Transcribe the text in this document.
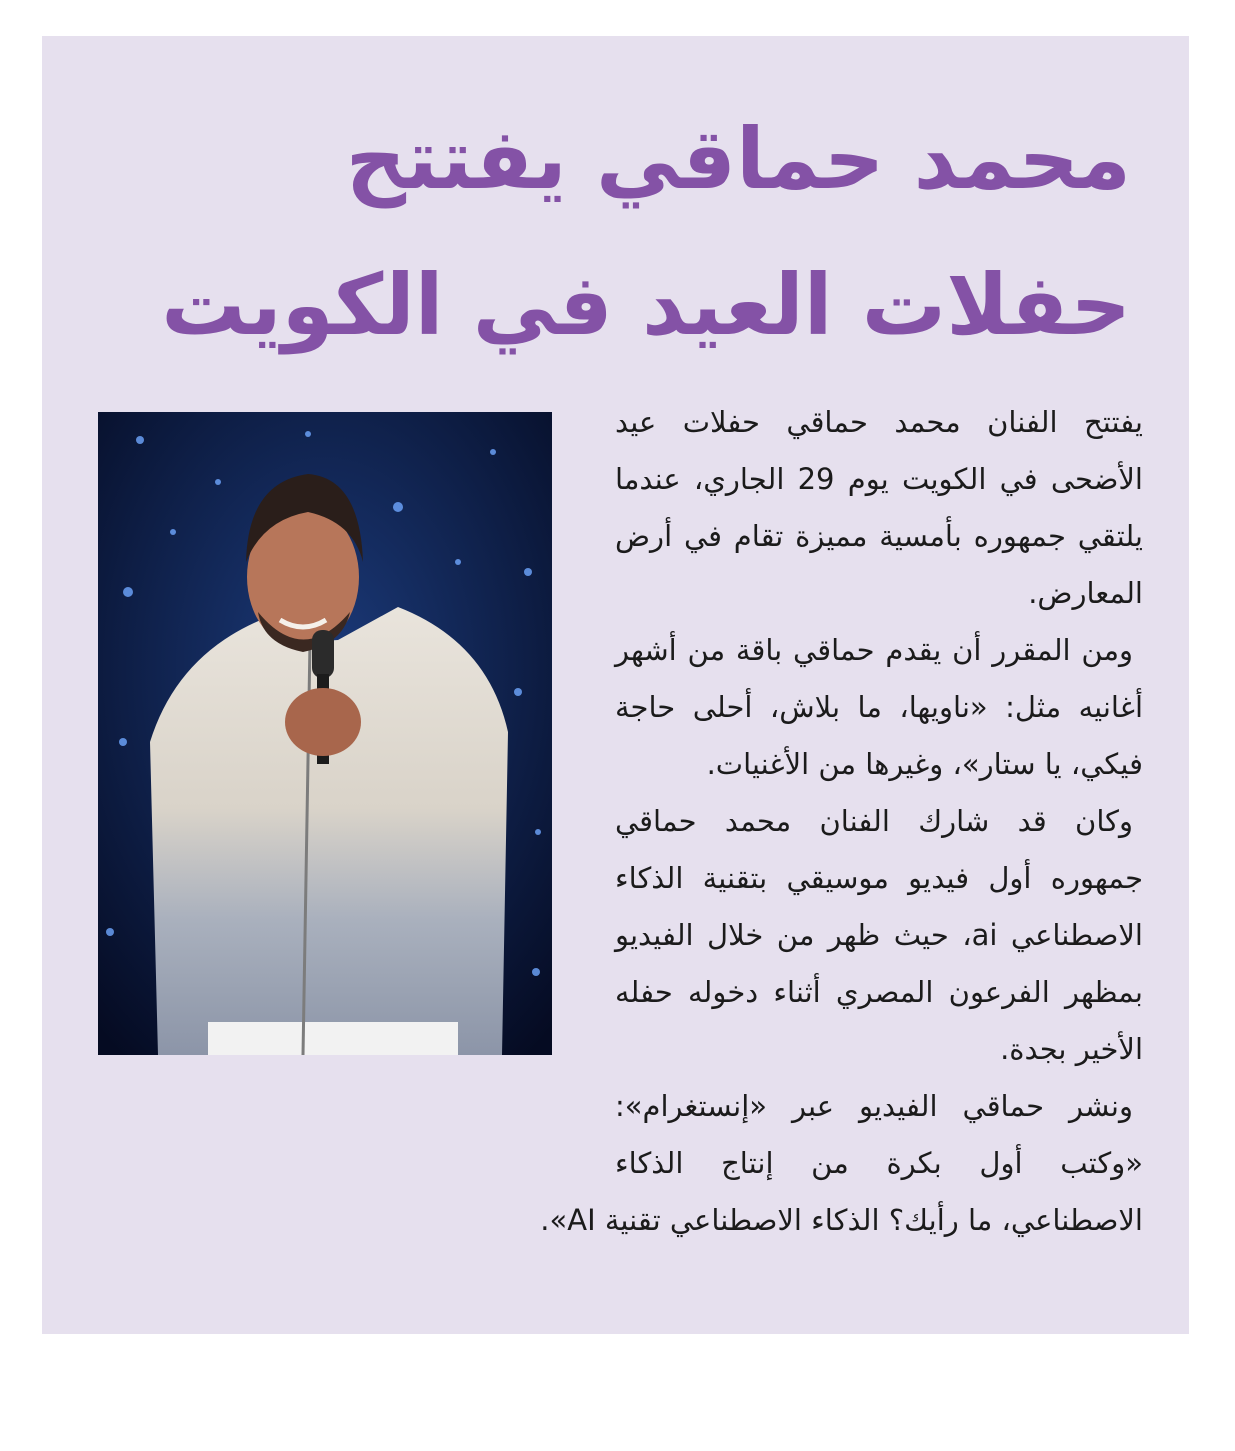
محمد حماقي يفتتح
حفلات العيد في الكويت

يفتتح الفنان محمد حماقي حفلات عيد الأضحى في الكويت يوم 29 الجاري، عندما يلتقي جمهوره بأمسية مميزة تقام في أرض المعارض.

ومن المقرر أن يقدم حماقي باقة من أشهر أغانيه مثل: «ناويها، ما بلاش، أحلى حاجة فيكي، يا ستار»، وغيرها من الأغنيات.

وكان قد شارك الفنان محمد حماقي جمهوره أول فيديو موسيقي بتقنية الذكاء الاصطناعي ai، حيث ظهر من خلال الفيديو بمظهر الفرعون المصري أثناء دخوله حفله الأخير بجدة.

ونشر حماقي الفيديو عبر «إنستغرام»: «وكتب أول بكرة من إنتاج الذكاء الاصطناعي، ما رأيك؟ الذكاء الاصطناعي تقنية AI».
